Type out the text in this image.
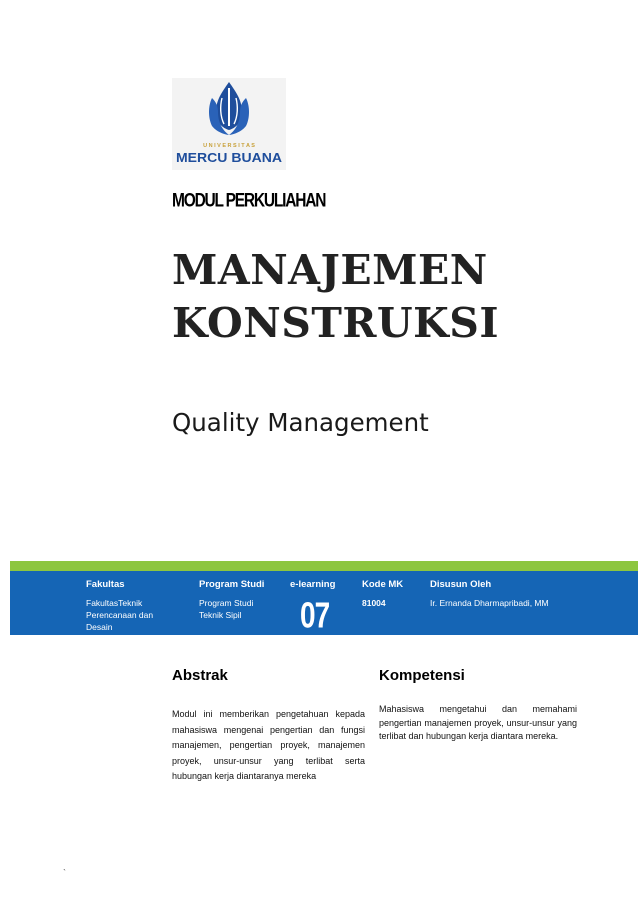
U N I V E R S I T A S
MERCU BUANA
MODUL PERKULIAHAN
MANAJEMEN
KONSTRUKSI
Quality Management
Fakultas
FakultasTeknik
Perencanaan dan
Desain
Program Studi
Program Studi
Teknik Sipil
e-learning
07
Kode MK
81004
Disusun Oleh
Ir. Ernanda Dharmapribadi, MM
Abstrak	Kompetensi
Modul ini memberikan pengetahuan kepada mahasiswa mengenai pengertian dan fungsi manajemen, pengertian proyek, manajemen proyek, unsur-unsur yang terlibat serta hubungan kerja diantaranya mereka
Mahasiswa mengetahui dan memahami pengertian manajemen proyek, unsur-unsur yang terlibat dan hubungan kerja diantara mereka.
`
